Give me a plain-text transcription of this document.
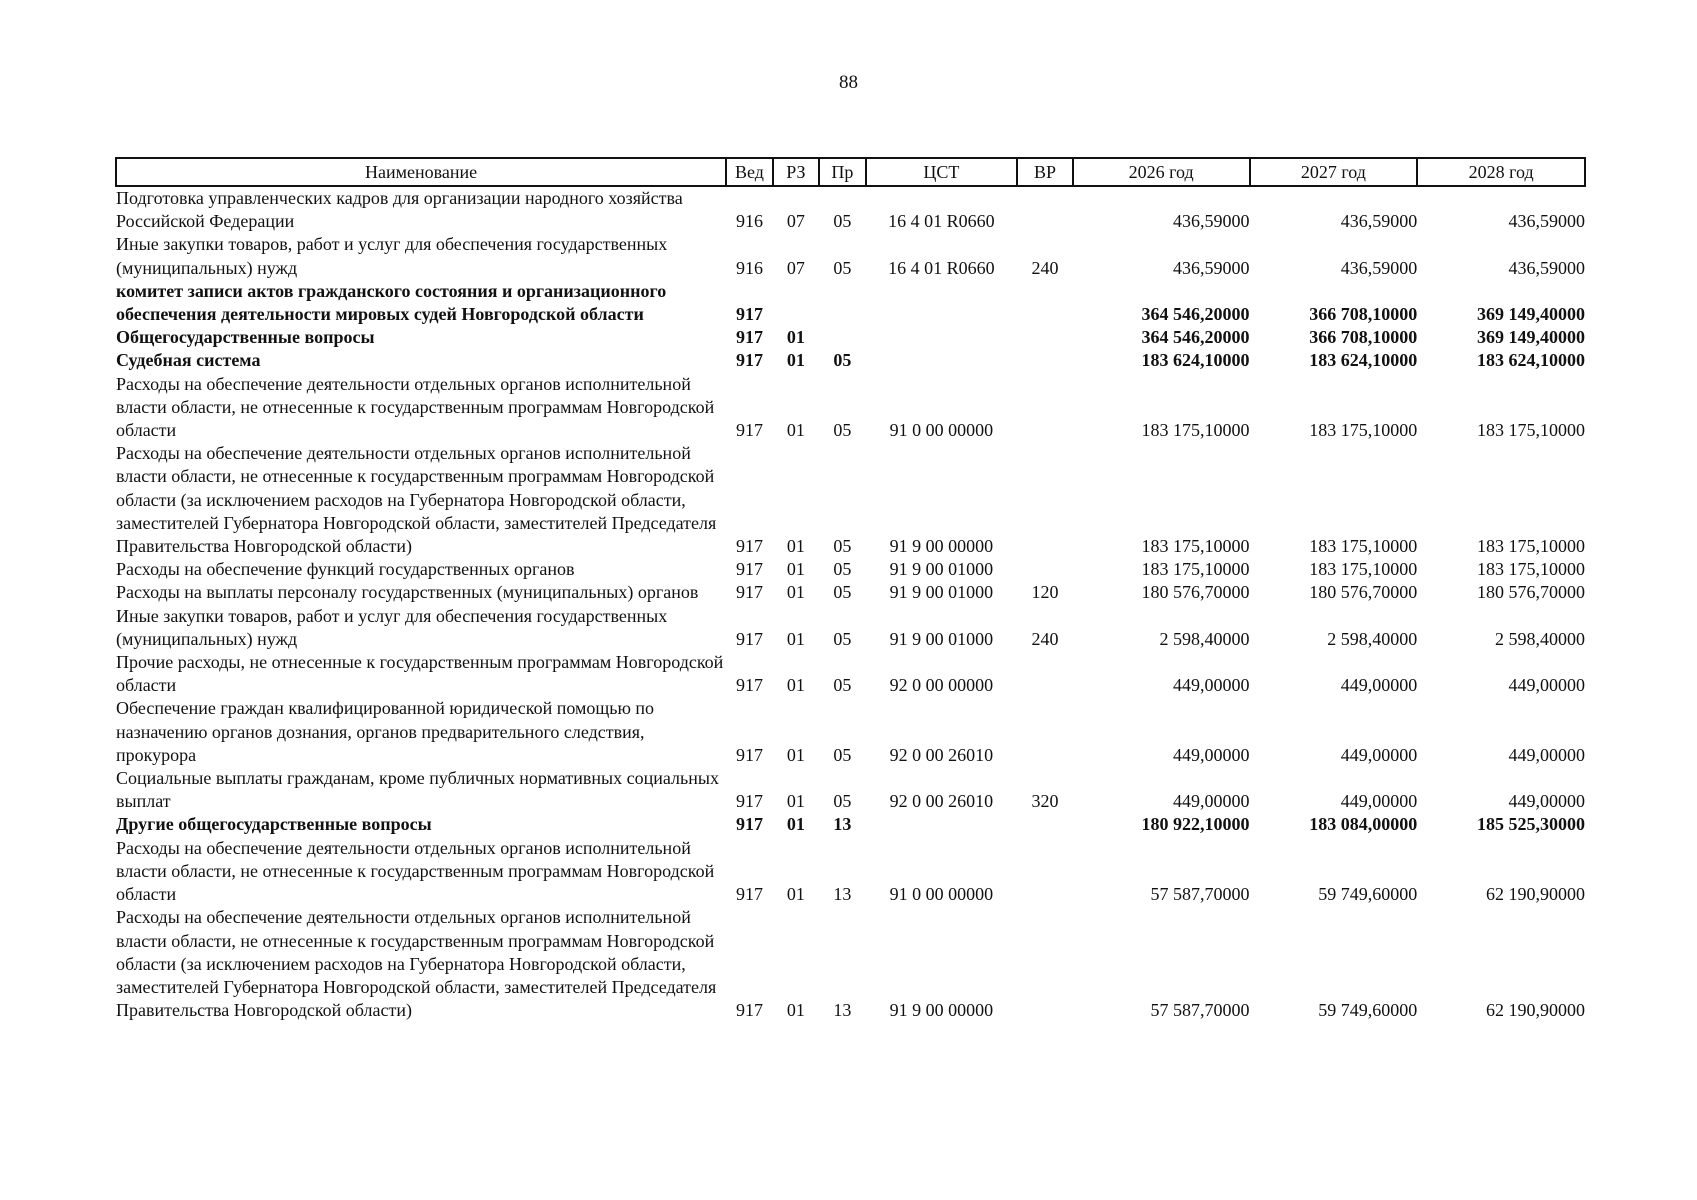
88
Наименование	Вед	РЗ	Пр	ЦСТ	ВР	2026 год	2027 год	2028 год
Подготовка управленческих кадров для организации народного хозяйства Российской Федерации	916	07	05	16 4 01 R0660		436,59000	436,59000	436,59000
Иные закупки товаров, работ и услуг для обеспечения государственных (муниципальных) нужд	916	07	05	16 4 01 R0660	240	436,59000	436,59000	436,59000
комитет записи актов гражданского состояния и организационного обеспечения деятельности мировых судей Новгородской области	917					364 546,20000	366 708,10000	369 149,40000
Общегосударственные вопросы	917	01				364 546,20000	366 708,10000	369 149,40000
Судебная система	917	01	05			183 624,10000	183 624,10000	183 624,10000
Расходы на обеспечение деятельности отдельных органов исполнительной власти области, не отнесенные к государственным программам Новгородской области	917	01	05	91 0 00 00000		183 175,10000	183 175,10000	183 175,10000
Расходы на обеспечение деятельности отдельных органов исполнительной власти области, не отнесенные к государственным программам Новгородской области (за исключением расходов на Губернатора Новгородской области, заместителей Губернатора Новгородской области, заместителей Председателя Правительства Новгородской области)	917	01	05	91 9 00 00000		183 175,10000	183 175,10000	183 175,10000
Расходы на обеспечение функций государственных органов	917	01	05	91 9 00 01000		183 175,10000	183 175,10000	183 175,10000
Расходы на выплаты персоналу государственных (муниципальных) органов	917	01	05	91 9 00 01000	120	180 576,70000	180 576,70000	180 576,70000
Иные закупки товаров, работ и услуг для обеспечения государственных (муниципальных) нужд	917	01	05	91 9 00 01000	240	2 598,40000	2 598,40000	2 598,40000
Прочие расходы, не отнесенные к государственным программам Новгородской области	917	01	05	92 0 00 00000		449,00000	449,00000	449,00000
Обеспечение граждан квалифицированной юридической помощью по назначению органов дознания, органов предварительного следствия, прокурора	917	01	05	92 0 00 26010		449,00000	449,00000	449,00000
Социальные выплаты гражданам, кроме публичных нормативных социальных выплат	917	01	05	92 0 00 26010	320	449,00000	449,00000	449,00000
Другие общегосударственные вопросы	917	01	13			180 922,10000	183 084,00000	185 525,30000
Расходы на обеспечение деятельности отдельных органов исполнительной власти области, не отнесенные к государственным программам Новгородской области	917	01	13	91 0 00 00000		57 587,70000	59 749,60000	62 190,90000
Расходы на обеспечение деятельности отдельных органов исполнительной власти области, не отнесенные к государственным программам Новгородской области (за исключением расходов на Губернатора Новгородской области, заместителей Губернатора Новгородской области, заместителей Председателя Правительства Новгородской области)	917	01	13	91 9 00 00000		57 587,70000	59 749,60000	62 190,90000
